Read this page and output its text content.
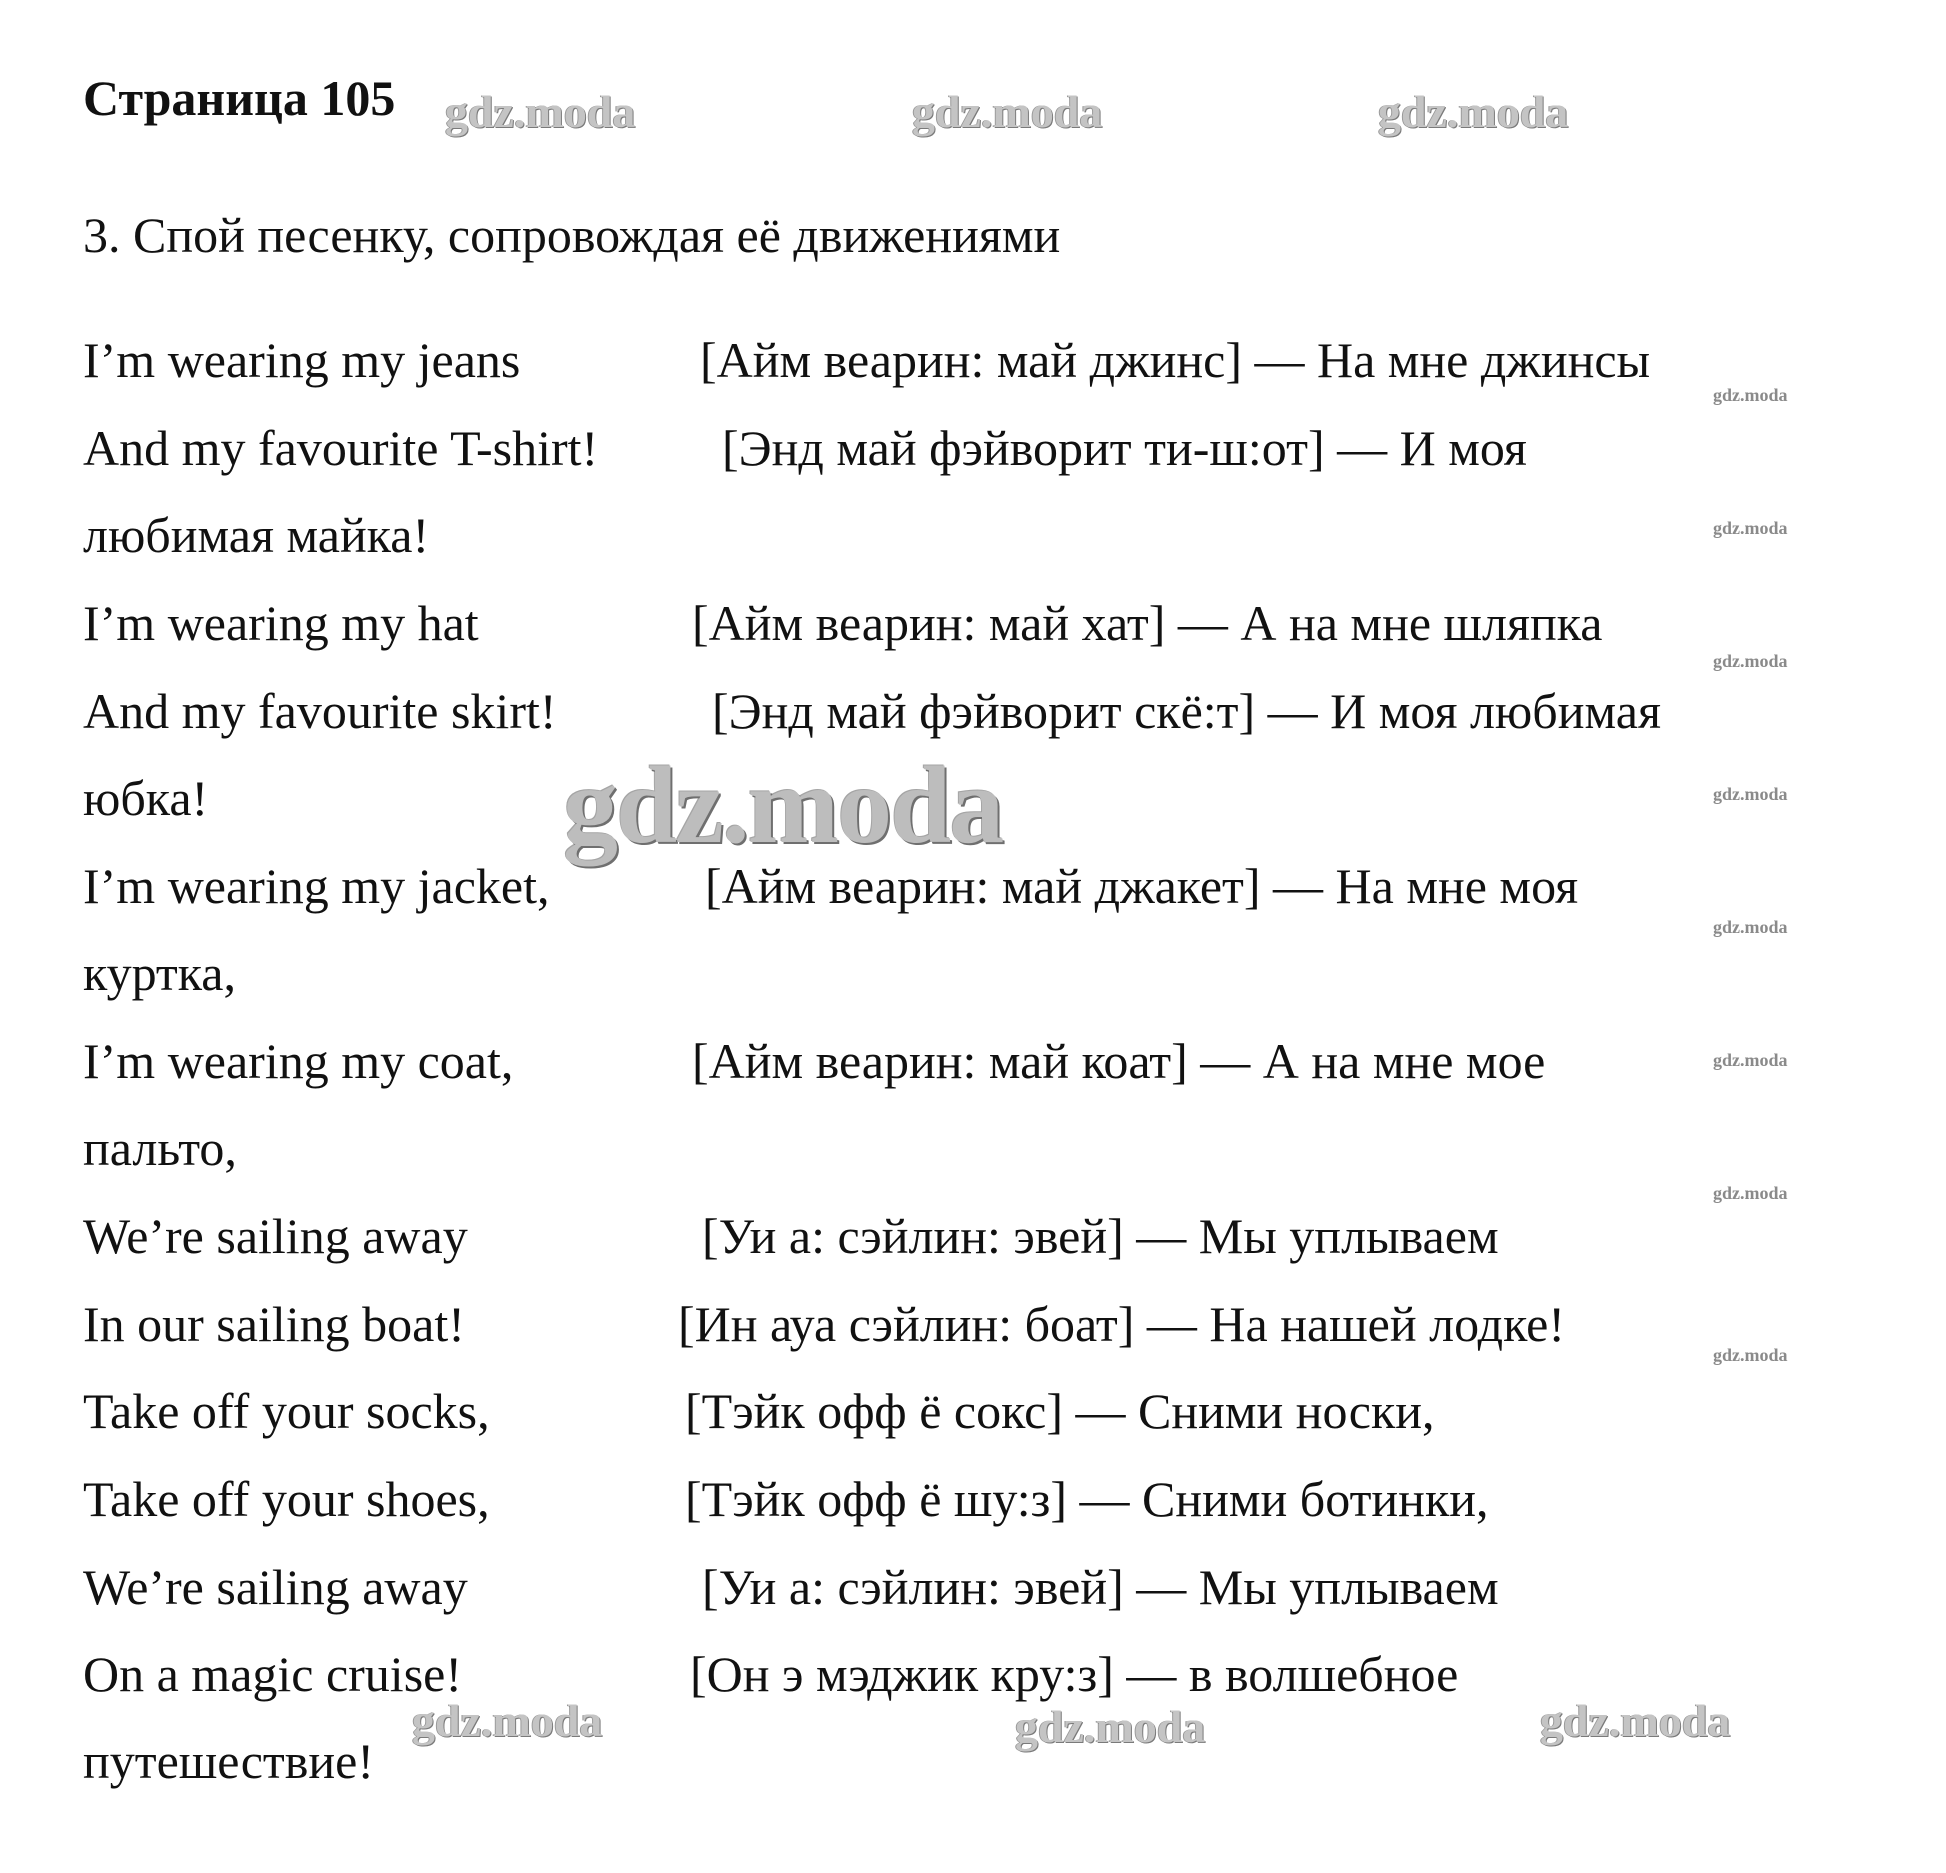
Страница 105
3. Спой песенку, сопровождая её движениями
I’m wearing my jeans	[Айм веарин: май джинс] — На мне джинсы
And my favourite T-shirt! [Энд май фэйворит ти-ш:от] — И моя
любимая майка!
I’m wearing my hat	[Айм веарин: май хат] — А на мне шляпка
And my favourite skirt!	[Энд май фэйворит скё:т] — И моя любимая
юбка!
I’m wearing my jacket,	[Айм веарин: май джакет] — На мне моя
куртка,
I’m wearing my coat,	[Айм веарин: май коат] — А на мне мое
пальто,
We’re sailing away	[Уи а: сэйлин: эвей] — Мы уплываем
In our sailing boat!	[Ин ауа сэйлин: боат] — На нашей лодке!
Take off your socks,	[Тэйк офф ё сокс] — Сними носки,
Take off your shoes,	[Тэйк офф ё шу:з] — Сними ботинки,
We’re sailing away	[Уи а: сэйлин: эвей] — Мы уплываем
On a magic cruise!	[Он э мэджик кру:з] — в волшебное
путешествие!
gdz.moda	gdz.moda	gdz.moda
gdz.moda
gdz.moda
gdz.moda
gdz.moda
gdz.moda
gdz.moda
gdz.moda
gdz.moda
gdz.moda
gdz.moda	gdz.moda	gdz.moda
